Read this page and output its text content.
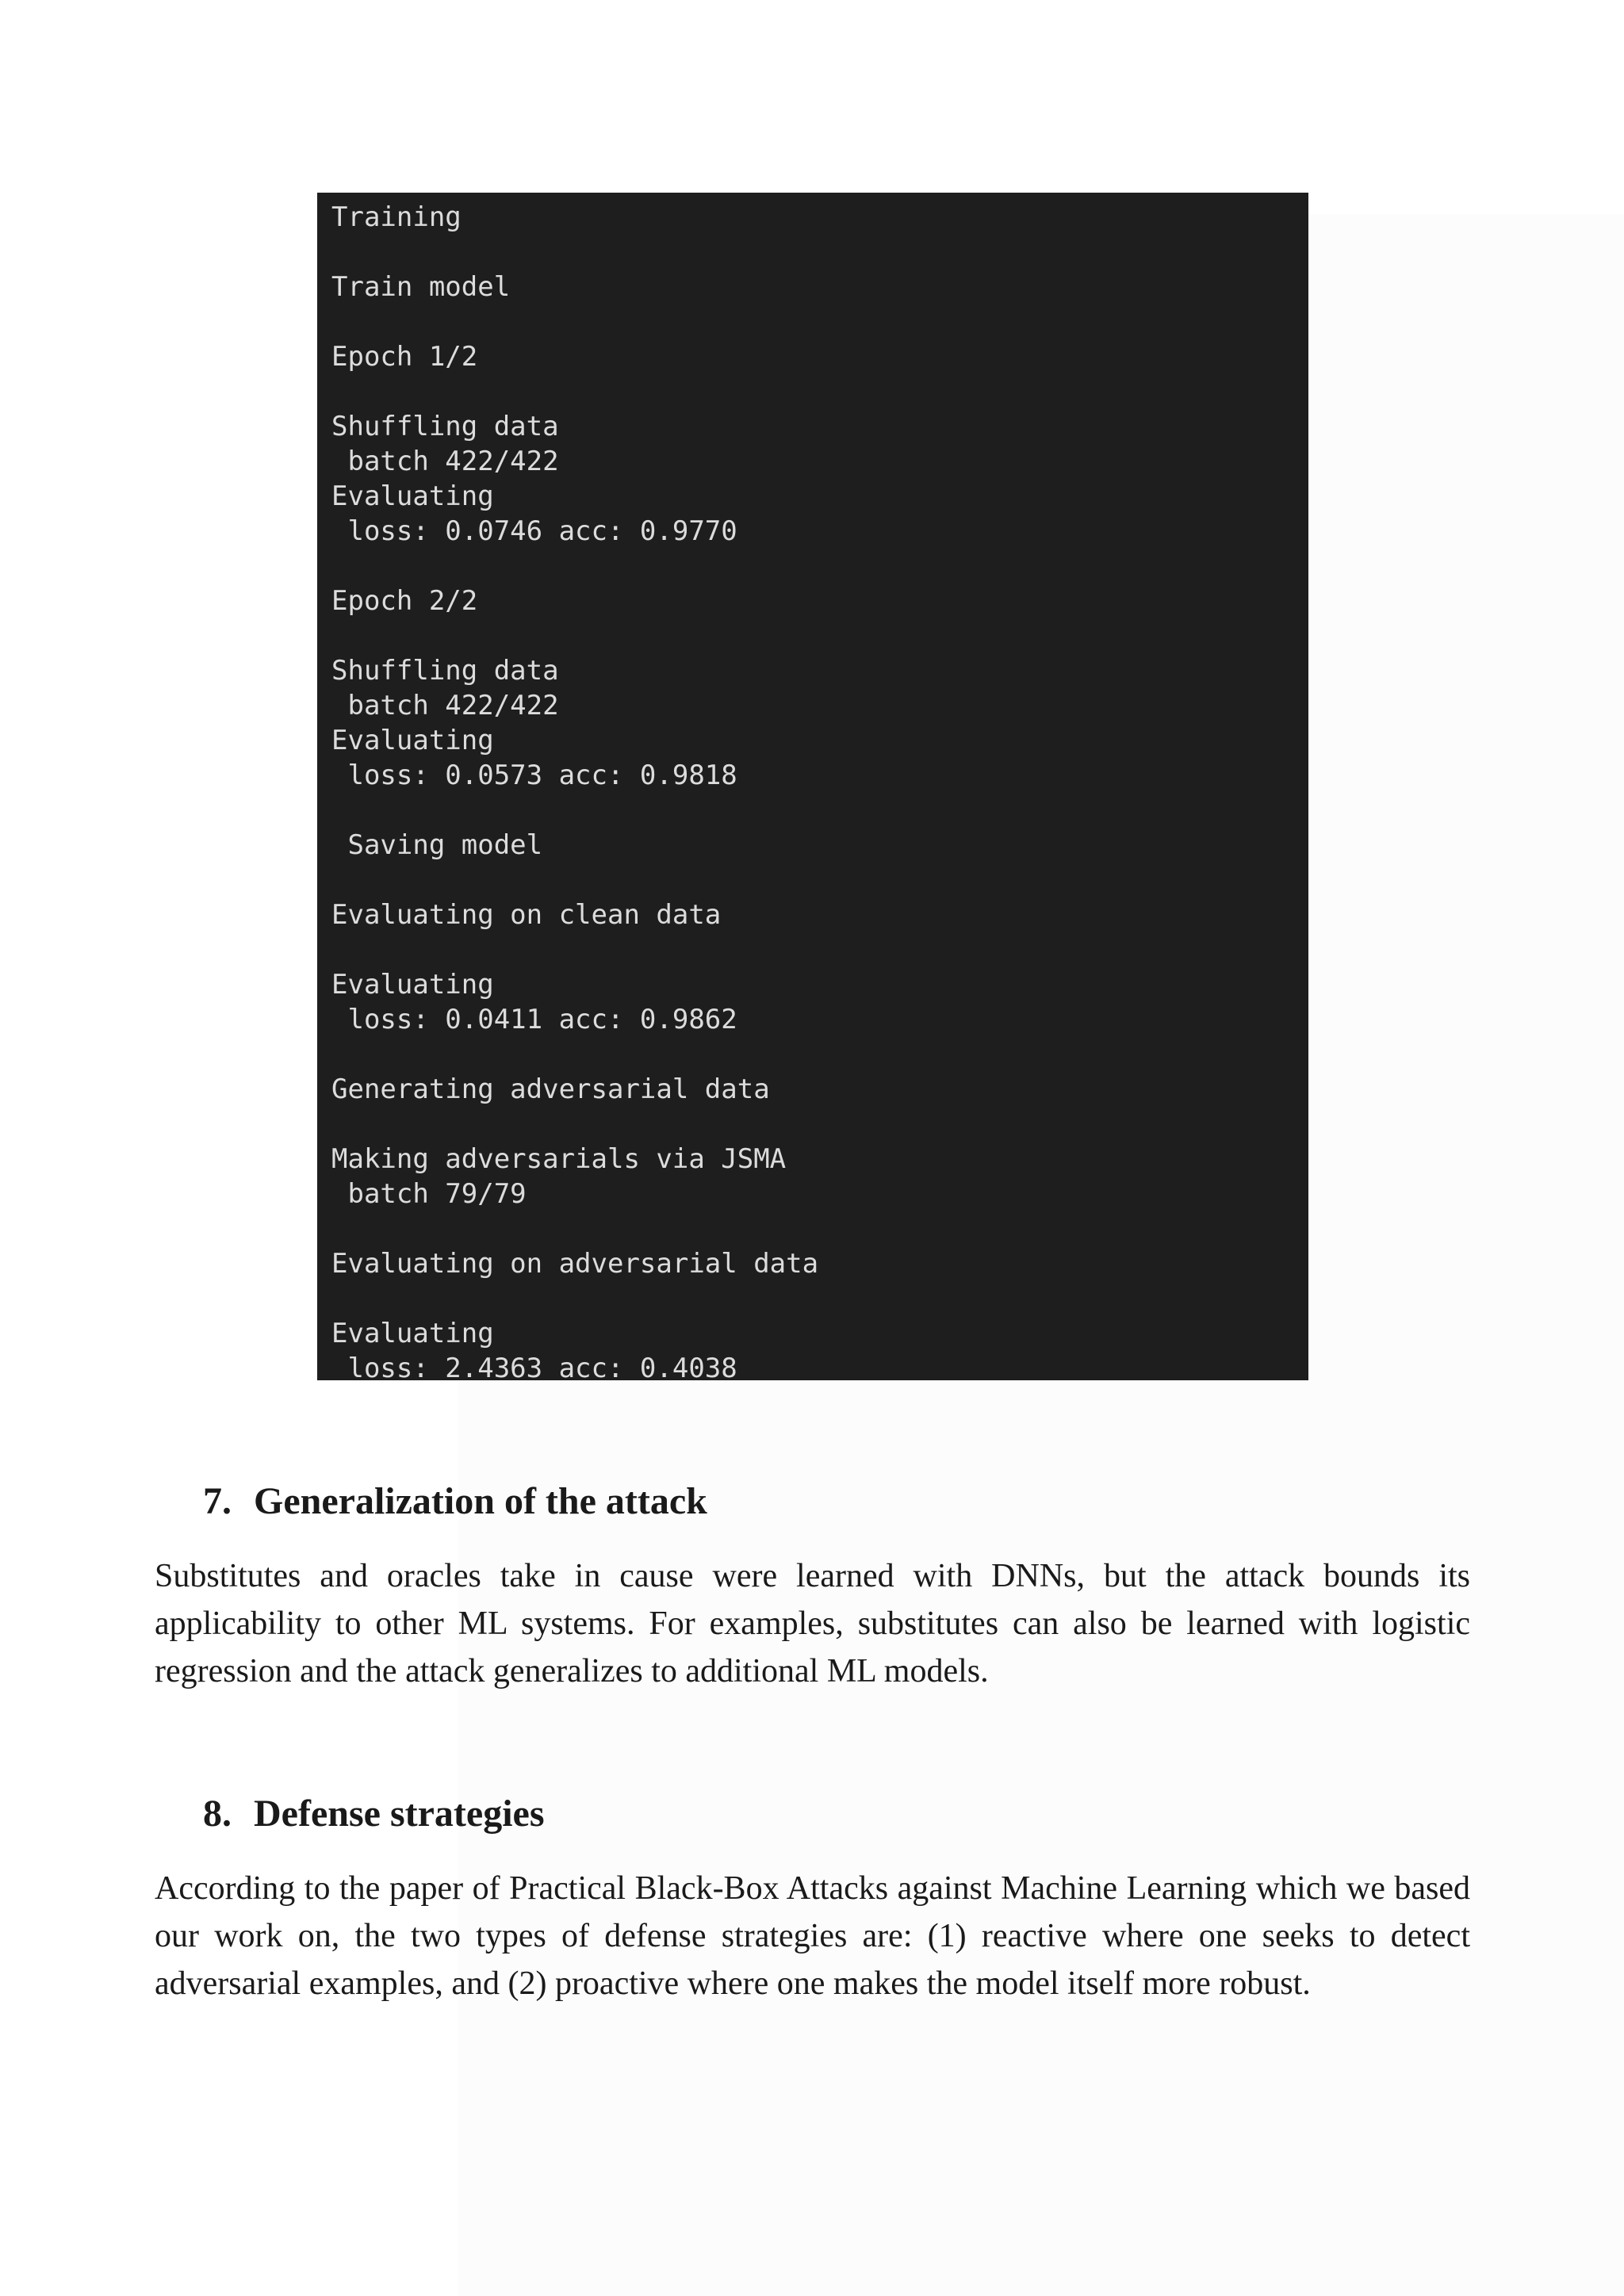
Training
Train model
Epoch 1/2
Shuffling data
batch 422/422
Evaluating
loss: 0.0746 acc: 0.9770
Epoch 2/2
Shuffling data
batch 422/422
Evaluating
loss: 0.0573 acc: 0.9818
Saving model
Evaluating on clean data
Evaluating
loss: 0.0411 acc: 0.9862
Generating adversarial data
Making adversarials via JSMA
batch 79/79
Evaluating on adversarial data
Evaluating
loss: 2.4363 acc: 0.4038
7. Generalization of the attack

Substitutes and oracles take in cause were learned with DNNs, but the attack bounds its applicability to other ML systems. For examples, substitutes can also be learned with logistic regression and the attack generalizes to additional ML models.

8. Defense strategies

According to the paper of Practical Black-Box Attacks against Machine Learning which we based our work on, the two types of defense strategies are: (1) reactive where one seeks to detect adversarial examples, and (2) proactive where one makes the model itself more robust.
